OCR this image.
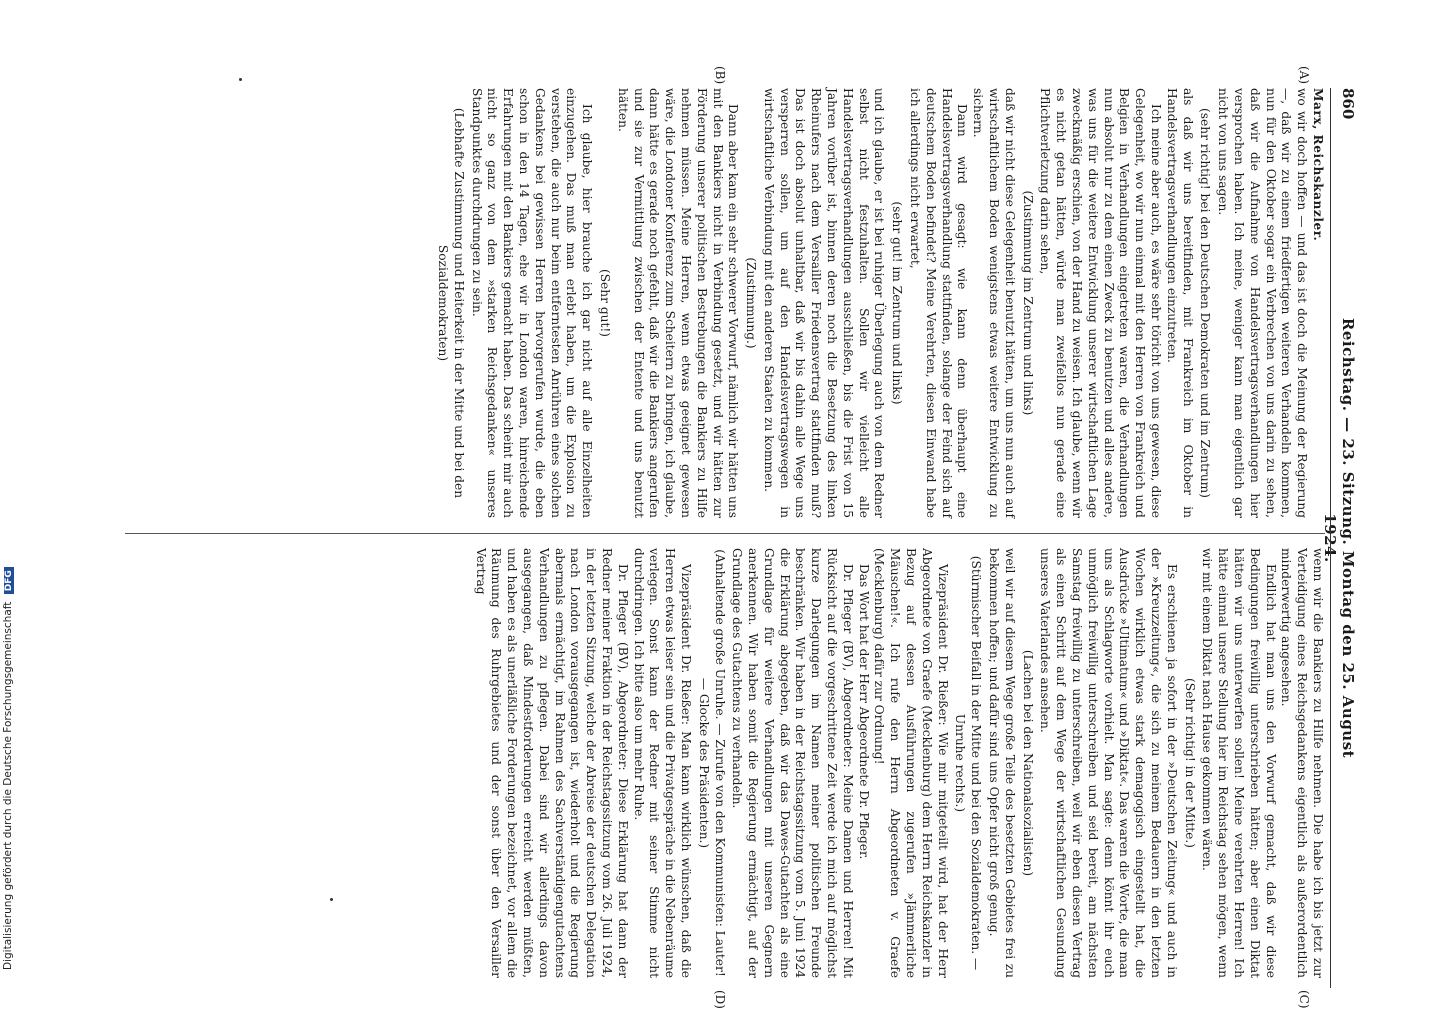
Digitalisierung gefördert durch die Deutsche Forschungsgemeinschaft DFG
860
Reichstag. — 23. Sitzung. Montag den 25. August 1924.
(A)
(B)
(C)
(D)

Marx, Reichskanzler.

wo wir doch hoffen — und das ist doch die Meinung der Regierung —, daß wir zu einem friedfertigen weiteren Verhandeln kommen, nun für den Oktober sogar ein Verbrechen von uns darin zu sehen, daß wir die Aufnahme von Handelsvertragsverhandlungen hier versprochen haben. Ich meine, weniger kann man eigentlich gar nicht von uns sagen.

(sehr richtig! bei den Deutschen Demokraten und im Zentrum)

als daß wir uns bereitfinden, mit Frankreich im Oktober in Handelsvertragsverhandlungen einzutreten.

Ich meine aber auch, es wäre sehr töricht von uns gewesen, diese Gelegenheit, wo wir nun einmal mit den Herren von Frankreich und Belgien in Verhandlungen eingetreten waren, die Verhandlungen nun absolut nur zu dem einen Zweck zu benutzen und alles andere, was uns für die weitere Entwicklung unserer wirtschaftlichen Lage zweckmäßig erschien, von der Hand zu weisen. Ich glaube, wenn wir es nicht getan hätten, würde man zweifellos nun gerade eine Pflichtverletzung darin sehen,

(Zustimmung im Zentrum und links)

daß wir nicht diese Gelegenheit benutzt hätten, um uns nun auch auf wirtschaftlichem Boden wenigstens etwas weitere Entwicklung zu sichern.

Dann wird gesagt: wie kann denn überhaupt eine Handelsvertragsverhandlung stattfinden, solange der Feind sich auf deutschem Boden befindet? Meine Verehrten, diesen Einwand habe ich allerdings nicht erwartet,

(sehr gut! im Zentrum und links)

und ich glaube, er ist bei ruhiger Überlegung auch von dem Redner selbst nicht festzuhalten. Sollen wir vielleicht alle Handelsvertragsverhandlungen ausschließen, bis die Frist von 15 Jahren vorüber ist, binnen deren noch die Besetzung des linken Rheinufers nach dem Versailler Friedensvertrag stattfinden muß? Das ist doch absolut unhaltbar, daß wir bis dahin alle Wege uns versperren sollen, um auf den Handelsvertragswegen in wirtschaftliche Verbindung mit den anderen Staaten zu kommen.

(Zustimmung.)

Dann aber kam ein sehr schwerer Vorwurf, nämlich wir hätten uns mit den Bankiers nicht in Verbindung gesetzt, und wir hätten zur Förderung unserer politischen Bestrebungen die Bankiers zu Hilfe nehmen müssen. Meine Herren, wenn etwas geeignet gewesen wäre, die Londoner Konferenz zum Scheitern zu bringen, ich glaube, dann hätte es gerade noch gefehlt, daß wir die Bankiers angerufen und sie zur Vermittlung zwischen der Entente und uns benutzt hätten.

(Sehr gut!)

Ich glaube, hier brauche ich gar nicht auf alle Einzelheiten einzugehen. Das muß man erlebt haben, um die Explosion zu verstehen, die auch nur beim entferntesten Anrühren eines solchen Gedankens bei gewissen Herren hervorgerufen wurde, die eben schon in den 14 Tagen, ehe wir in London waren, hinreichende Erfahrungen mit den Bankiers gemacht haben. Das scheint mir auch nicht so ganz von dem »starken Reichsgedanken« unseres Standpunktes durchdrungen zu sein.

(Lebhafte Zustimmung und Heiterkeit in der Mitte und bei den Sozialdemokraten)

wenn wir die Bankiers zu Hilfe nehmen. Die habe ich bis jetzt zur Verteidigung eines Reichsgedankens eigentlich als außerordentlich minderwertig angesehen.

Endlich hat man uns den Vorwurf gemacht, daß wir diese Bedingungen freiwillig unterschrieben hätten; aber einen Diktat hätten wir uns unterwerfen sollen! Meine verehrten Herren! Ich hätte einmal unsere Stellung hier im Reichstag sehen mögen, wenn wir mit einem Diktat nach Hause gekommen wären.

(Sehr richtig! in der Mitte.)

Es erschienen ja sofort in der »Deutschen Zeitung« und auch in der »Kreuzzeitung«, die sich zu meinem Bedauern in den letzten Wochen wirklich etwas stark demagogisch eingestellt hat, die Ausdrücke »Ultimatum« und »Diktat«. Das waren die Worte, die man uns als Schlagworte vorhielt. Man sagte: denn könnt ihr euch unmöglich freiwillig unterschreiben und seid bereit, am nächsten Samstag freiwillig zu unterschreiben, weil wir eben diesen Vertrag als einen Schritt auf dem Wege der wirtschaftlichen Gesundung unseres Vaterlandes ansehen.

(Lachen bei den Nationalsozialisten)

weil wir auf diesem Wege große Teile des besetzten Gebietes frei zu bekommen hoffen; und dafür sind uns Opfer nicht groß genug.

(Stürmischer Beifall in der Mitte und bei den Sozialdemokraten. — Unruhe rechts.)

Vizepräsident Dr. Rießer: Wie mir mitgeteilt wird, hat der Herr Abgeordnete von Graefe (Mecklenburg) dem Herrn Reichskanzler in Bezug auf dessen Ausführungen zugerufen »Jämmerliche Mäuschen!«. Ich rufe den Herrn Abgeordneten v. Graefe (Mecklenburg) dafür zur Ordnung!

Das Wort hat der Herr Abgeordnete Dr. Pfleger.

Dr. Pfleger (BV), Abgeordneter: Meine Damen und Herren! Mit Rücksicht auf die vorgeschrittene Zeit werde ich mich auf möglichst kurze Darlegungen im Namen meiner politischen Freunde beschränken. Wir haben in der Reichstagssitzung vom 5. Juni 1924 die Erklärung abgegeben, daß wir das Dawes-Gutachten als eine Grundlage für weitere Verhandlungen mit unseren Gegnern anerkennen. Wir haben somit die Regierung ermächtigt, auf der Grundlage des Gutachtens zu verhandeln.

(Anhaltende große Unruhe. — Zurufe von den Kommunisten: Lauter! — Glocke des Präsidenten.)

Vizepräsident Dr. Rießer: Man kann wirklich wünschen, daß die Herren etwas leiser sein und die Privatgespräche in die Nebenräume verlegen. Sonst kann der Redner mit seiner Stimme nicht durchdringen. Ich bitte also um mehr Ruhe.

Dr. Pfleger (BV), Abgeordneter: Diese Erklärung hat dann der Redner meiner Fraktion in der Reichstagssitzung vom 26. Juli 1924, in der letzten Sitzung, welche der Abreise der deutschen Delegation nach London vorausgegangen ist, wiederholt und die Regierung abermals ermächtigt, im Rahmen des Sachverständigengutachtens Verhandlungen zu pflegen. Dabei sind wir allerdings davon ausgegangen, daß Mindestforderungen erreicht werden müßten, und haben es als unerläßliche Forderungen bezeichnet, vor allem die Räumung des Ruhrgebietes und der sonst über den Versailler Vertrag
